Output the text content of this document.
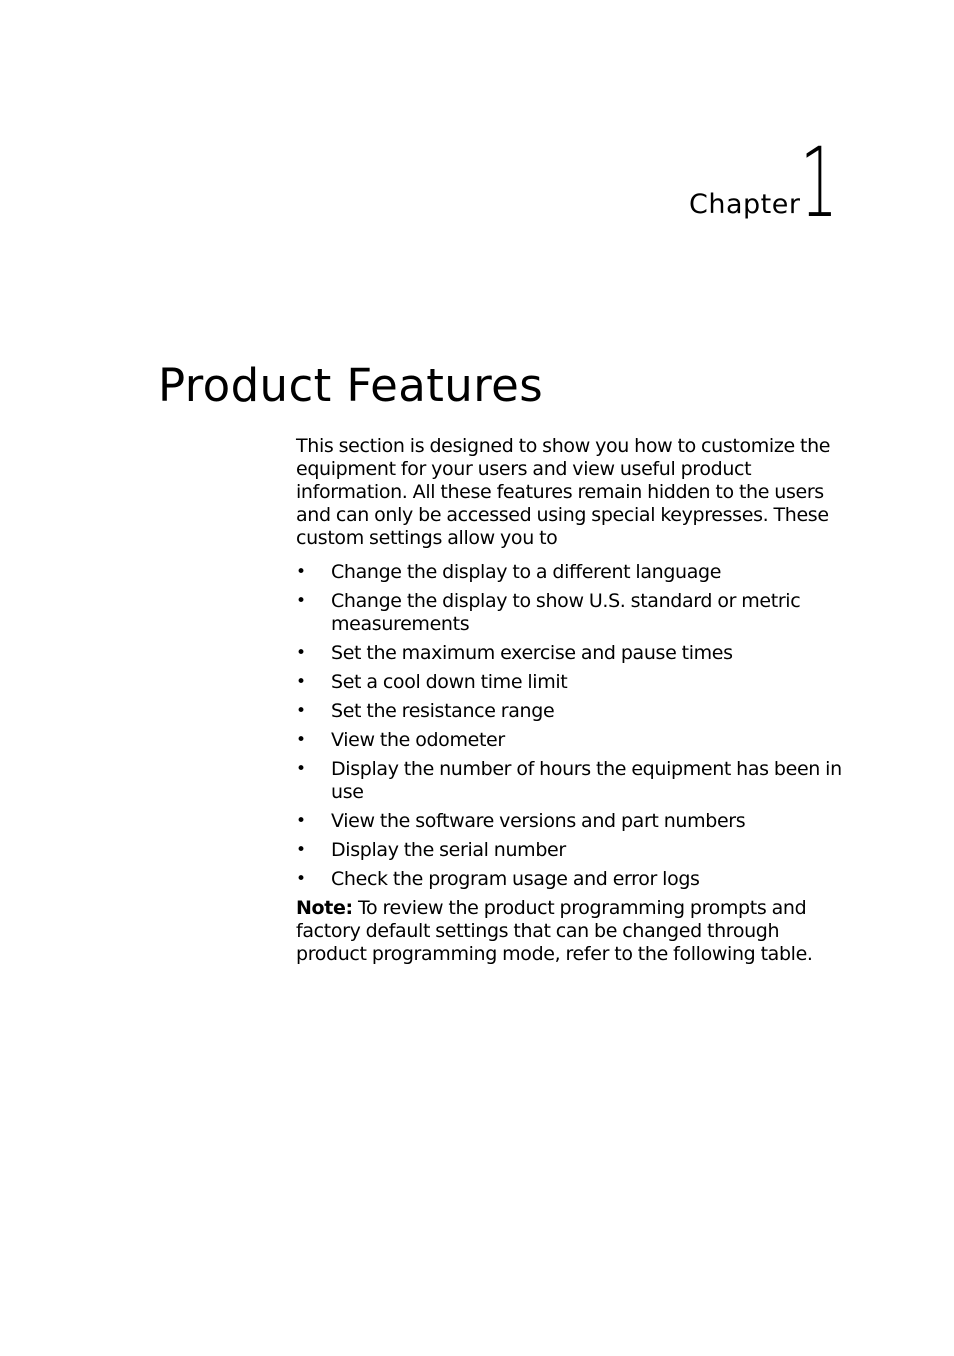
Chapter 1
Product Features

This section is designed to show you how to customize the equipment for your users and view useful product information. All these features remain hidden to the users and can only be accessed using special keypresses. These custom settings allow you to

• Change the display to a different language
• Change the display to show U.S. standard or metric measurements
• Set the maximum exercise and pause times
• Set a cool down time limit
• Set the resistance range
• View the odometer
• Display the number of hours the equipment has been in use
• View the software versions and part numbers
• Display the serial number
• Check the program usage and error logs

Note: To review the product programming prompts and factory default settings that can be changed through product programming mode, refer to the following table.
